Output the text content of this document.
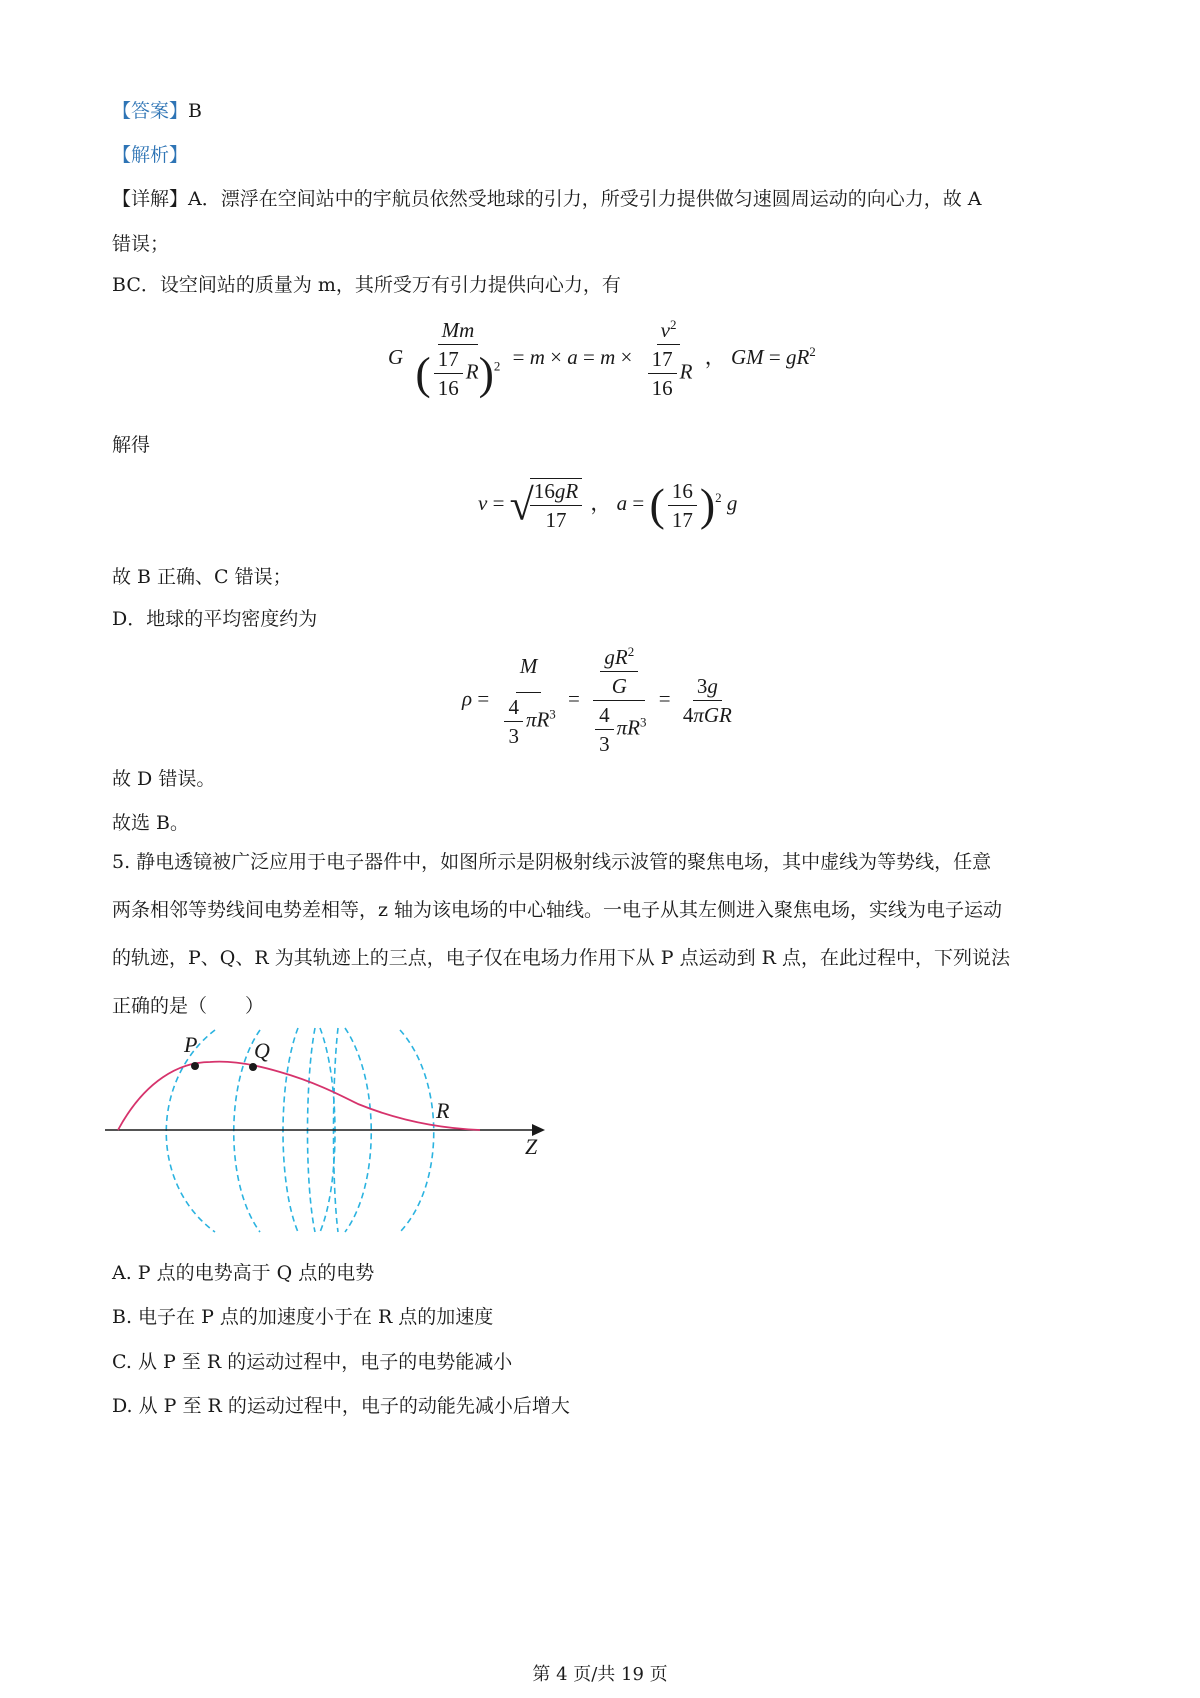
【答案】B
【解析】
【详解】A．漂浮在空间站中的宇航员依然受地球的引力，所受引力提供做匀速圆周运动的向心力，故 A
错误；
BC．设空间站的质量为 m，其所受万有引力提供向心力，有
G $\frac{Mm}{( \frac{17}{16} R)^2} = m \times a = m \times \frac{v^2}{\frac{17}{16} R}$ ， GM = $gR^2$
解得
v = √
$\frac{16gR}{17}$ ， a = ( $\frac{16}{17} )^2$ g
故 B 正确、C 错误；
D．地球的平均密度约为
$\rho = \frac{M}{\frac{4}{3} \pi R^3} = \frac{\frac{gR^2}{G}}{\frac{4}{3} \pi R^3} = \frac{3g}{\text{4πGR}}$
故 D 错误。
故选 B。
5. 静电透镜被广泛应用于电子器件中，如图所示是阴极射线示波管的聚焦电场，其中虚线为等势线，任意
两条相邻等势线间电势差相等，z 轴为该电场的中心轴线。一电子从其左侧进入聚焦电场，实线为电子运动
的轨迹，P、Q、R 为其轨迹上的三点，电子仅在电场力作用下从 P 点运动到 R 点，在此过程中，下列说法
正确的是（　　）
P	Q
R
Z
A. P 点的电势高于 Q 点的电势
B. 电子在 P 点的加速度小于在 R 点的加速度
C. 从 P 至 R 的运动过程中，电子的电势能减小
D. 从 P 至 R 的运动过程中，电子的动能先减小后增大
第 4 页/共 19 页
